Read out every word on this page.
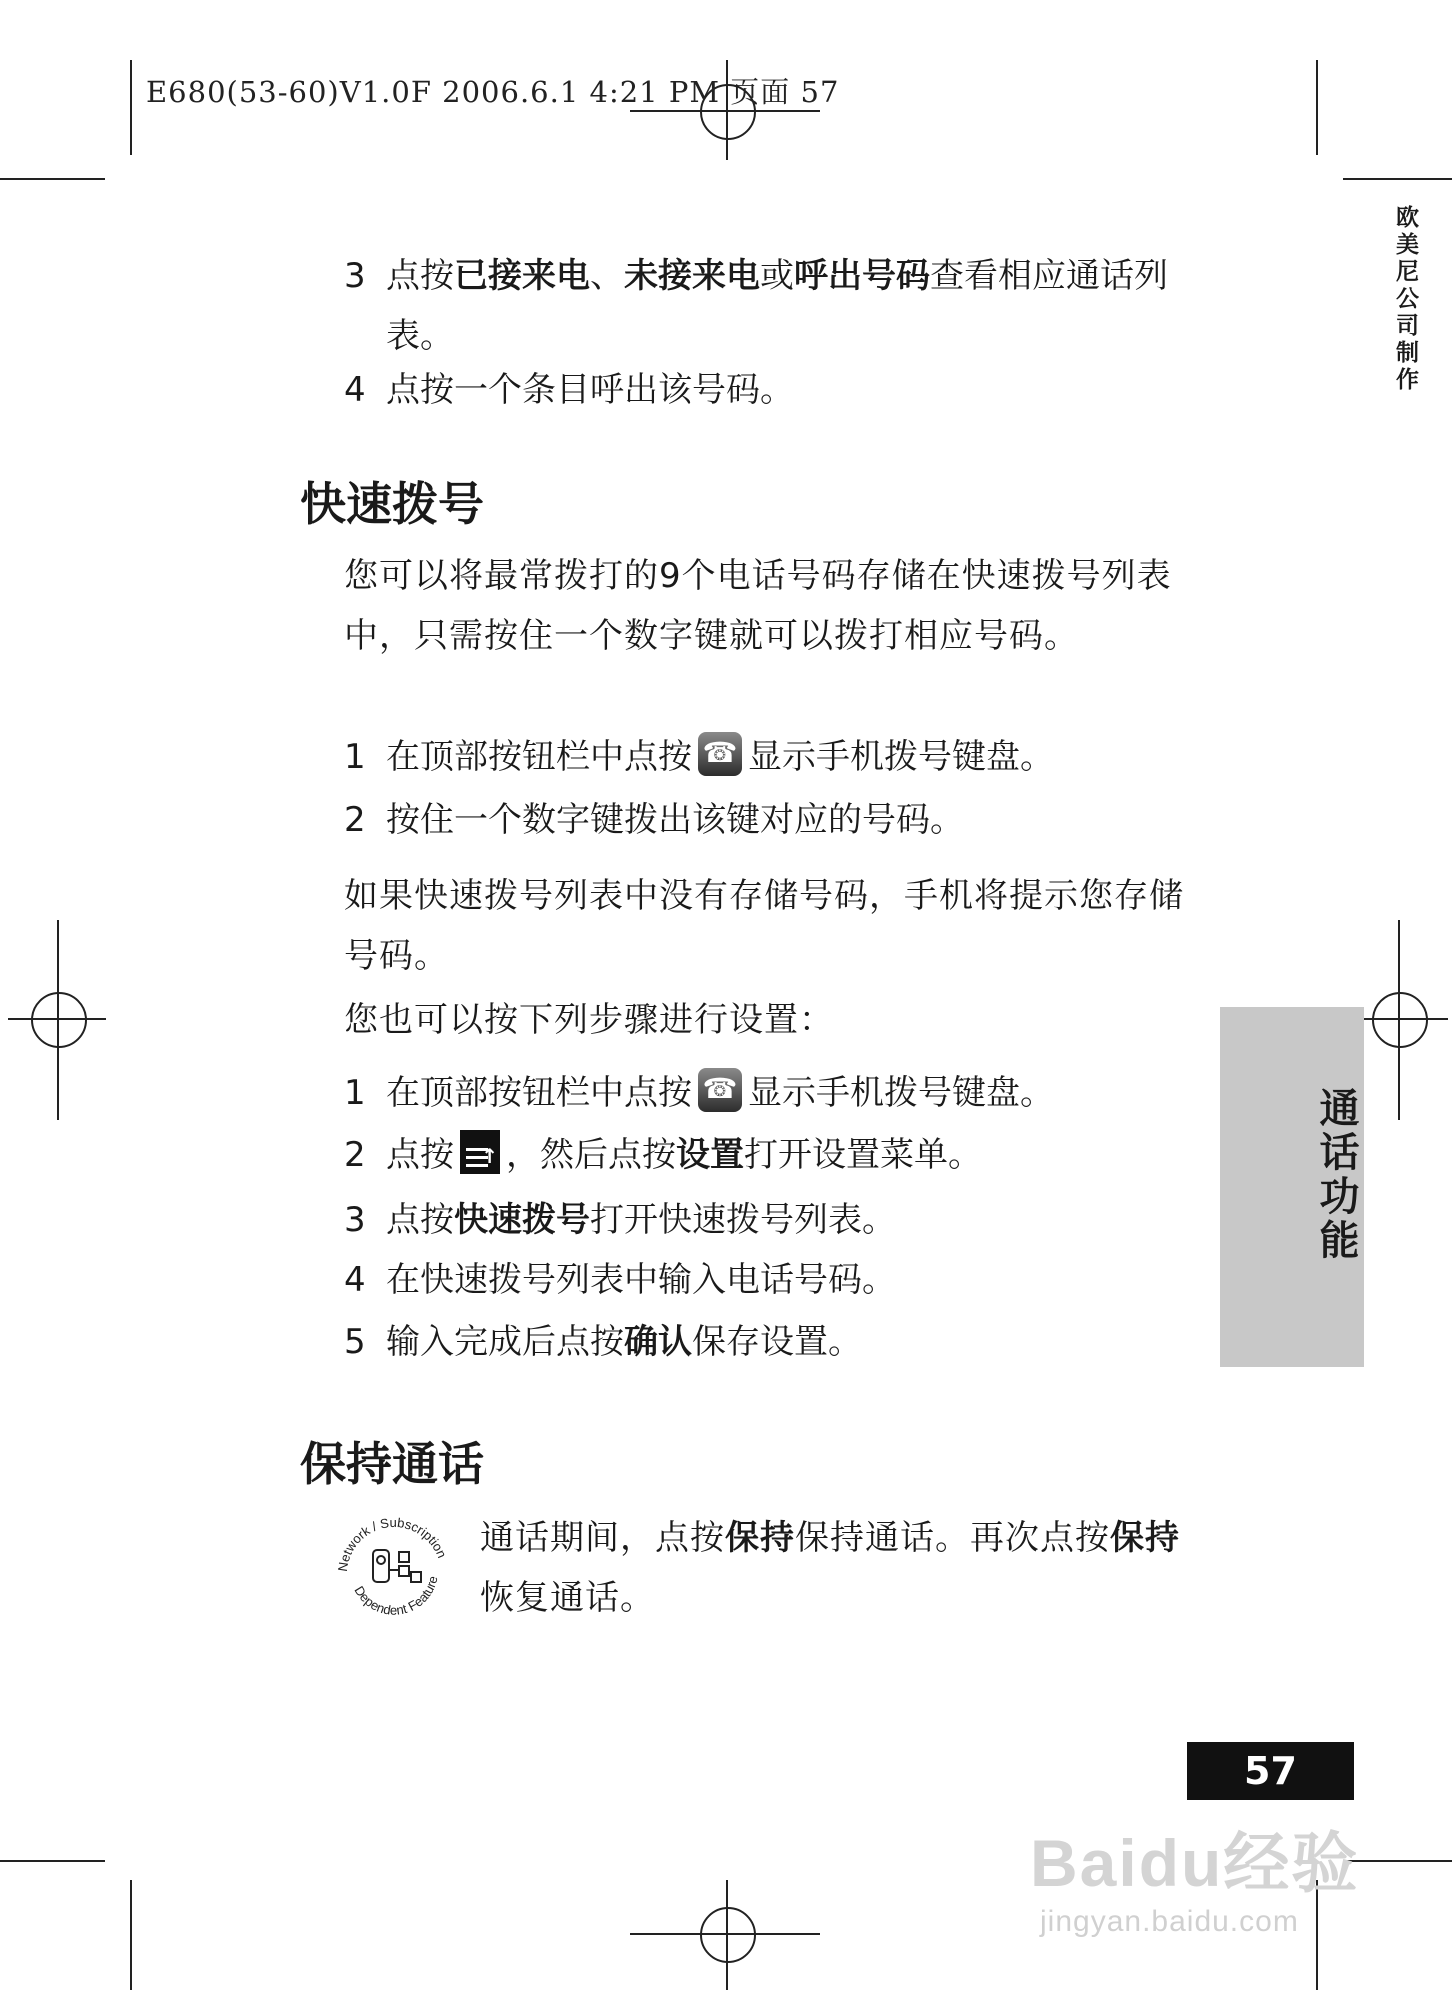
E680(53-60)V1.0F 2006.6.1 4:21 PM 页面 57
欧美尼公司制作
通话功能
3 点按已接来电、未接来电或呼出号码查看相应通话列表。
4 点按一个条目呼出该号码。
快速拨号
您可以将最常拨打的9个电话号码存储在快速拨号列表中，只需按住一个数字键就可以拨打相应号码。
1 在顶部按钮栏中点按 ☎ 显示手机拨号键盘。
2 按住一个数字键拨出该键对应的号码。
如果快速拨号列表中没有存储号码，手机将提示您存储号码。
您也可以按下列步骤进行设置：
1 在顶部按钮栏中点按 ☎ 显示手机拨号键盘。
2 点按 ↑ ，然后点按设置打开设置菜单。
3 点按快速拨号打开快速拨号列表。
4 在快速拨号列表中输入电话号码。
5 输入完成后点按确认保存设置。
保持通话
Network / Subscription
Dependent Feature
通话期间，点按保持保持通话。再次点按保持恢复通话。
57
Baidu经验
jingyan.baidu.com
